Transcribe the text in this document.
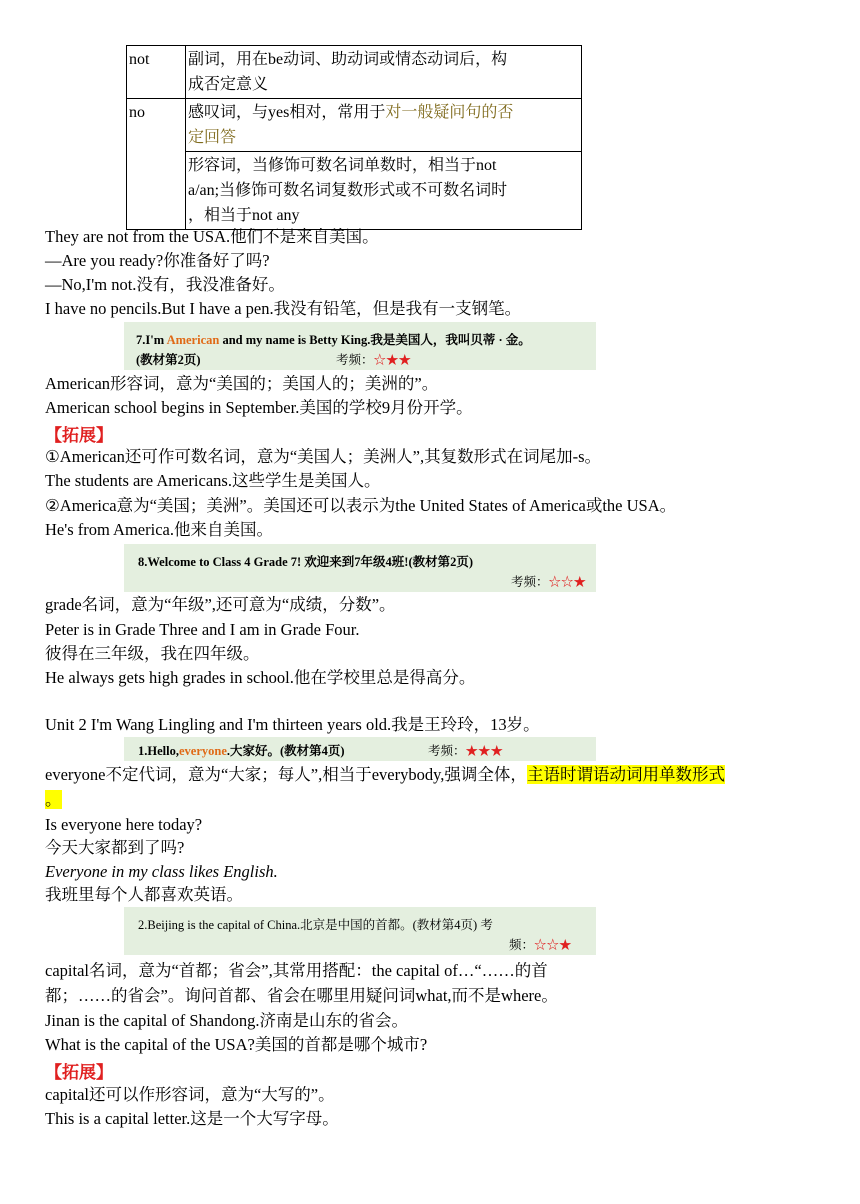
not	副词，用在be动词、助动词或情态动词后，构
成否定意义
no	感叹词，与yes相对，常用于对一般疑问句的否
定回答
	形容词，当修饰可数名词单数时，相当于not
a/an;当修饰可数名词复数形式或不可数名词时
，相当于not any
They are not from the USA.他们不是来自美国。
—Are you ready?你准备好了吗?
—No,I'm not.没有，我没准备好。
I have no pencils.But I have a pen.我没有铅笔，但是我有一支钢笔。
7.I'm American and my name is Betty King.我是美国人，我叫贝蒂 · 金。
(教材第2页)	考频：☆★★
American形容词，意为“美国的；美国人的；美洲的”。
American school begins in September.美国的学校9月份开学。
【拓展】
①American还可作可数名词，意为“美国人；美洲人”,其复数形式在词尾加-s。
The students are Americans.这些学生是美国人。
②America意为“美国；美洲”。美国还可以表示为the United States of America或the USA。
He's from America.他来自美国。
8.Welcome to Class 4 Grade 7! 欢迎来到7年级4班!(教材第2页)
考频：☆☆★
grade名词，意为“年级”,还可意为“成绩，分数”。
Peter is in Grade Three and I am in Grade Four.
彼得在三年级，我在四年级。
He always gets high grades in school.他在学校里总是得高分。
Unit 2 I'm Wang Lingling and I'm thirteen years old.我是王玲玲，13岁。
1.Hello,everyone.大家好。(教材第4页)	考频：★★★
everyone不定代词，意为“大家；每人”,相当于everybody,强调全体，主语时谓语动词用单数形式
。
Is everyone here today?
今天大家都到了吗?
Everyone in my class likes English.
我班里每个人都喜欢英语。
2.Beijing is the capital of China.北京是中国的首都。(教材第4页) 考
频：☆☆★
capital名词，意为“首都；省会”,其常用搭配：the capital of…“……的首
都；……的省会”。询问首都、省会在哪里用疑问词what,而不是where。
Jinan is the capital of Shandong.济南是山东的省会。
What is the capital of the USA?美国的首都是哪个城市?
【拓展】
capital还可以作形容词，意为“大写的”。
This is a capital letter.这是一个大写字母。
